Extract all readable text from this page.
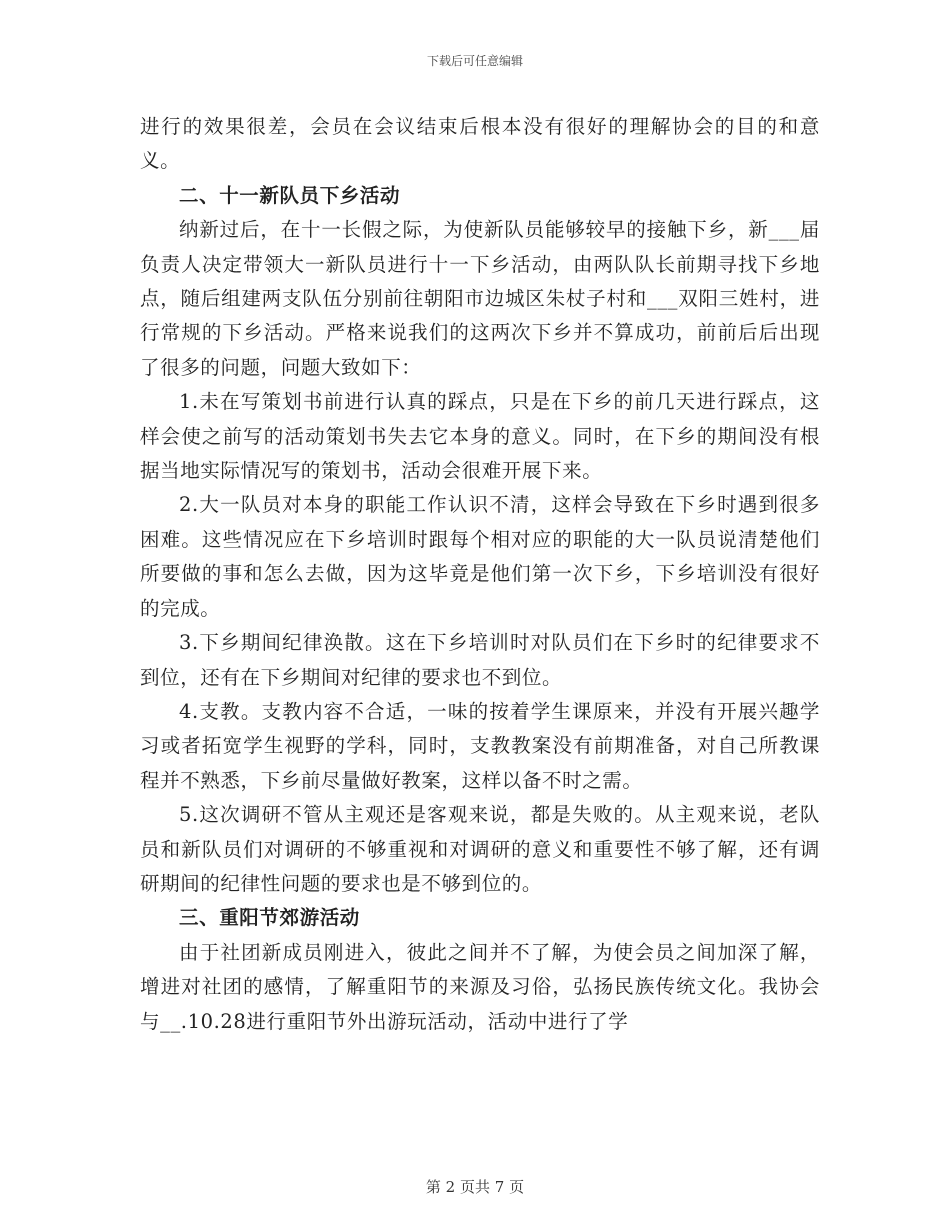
下载后可任意编辑

进行的效果很差，会员在会议结束后根本没有很好的理解协会的目的和意义。

二、十一新队员下乡活动

纳新过后，在十一长假之际，为使新队员能够较早的接触下乡，新___届负责人决定带领大一新队员进行十一下乡活动，由两队队长前期寻找下乡地点，随后组建两支队伍分别前往朝阳市边城区朱杖子村和___双阳三姓村，进行常规的下乡活动。严格来说我们的这两次下乡并不算成功，前前后后出现了很多的问题，问题大致如下：

1.未在写策划书前进行认真的踩点，只是在下乡的前几天进行踩点，这样会使之前写的活动策划书失去它本身的意义。同时，在下乡的期间没有根据当地实际情况写的策划书，活动会很难开展下来。

2.大一队员对本身的职能工作认识不清，这样会导致在下乡时遇到很多困难。这些情况应在下乡培训时跟每个相对应的职能的大一队员说清楚他们所要做的事和怎么去做，因为这毕竟是他们第一次下乡，下乡培训没有很好的完成。

3.下乡期间纪律涣散。这在下乡培训时对队员们在下乡时的纪律要求不到位，还有在下乡期间对纪律的要求也不到位。

4.支教。支教内容不合适，一味的按着学生课原来，并没有开展兴趣学习或者拓宽学生视野的学科，同时，支教教案没有前期准备，对自己所教课程并不熟悉，下乡前尽量做好教案，这样以备不时之需。

5.这次调研不管从主观还是客观来说，都是失败的。从主观来说，老队员和新队员们对调研的不够重视和对调研的意义和重要性不够了解，还有调研期间的纪律性问题的要求也是不够到位的。

三、重阳节郊游活动

由于社团新成员刚进入，彼此之间并不了解，为使会员之间加深了解，增进对社团的感情，了解重阳节的来源及习俗，弘扬民族传统文化。我协会与__.10.28进行重阳节外出游玩活动，活动中进行了学

第 2 页共 7 页
